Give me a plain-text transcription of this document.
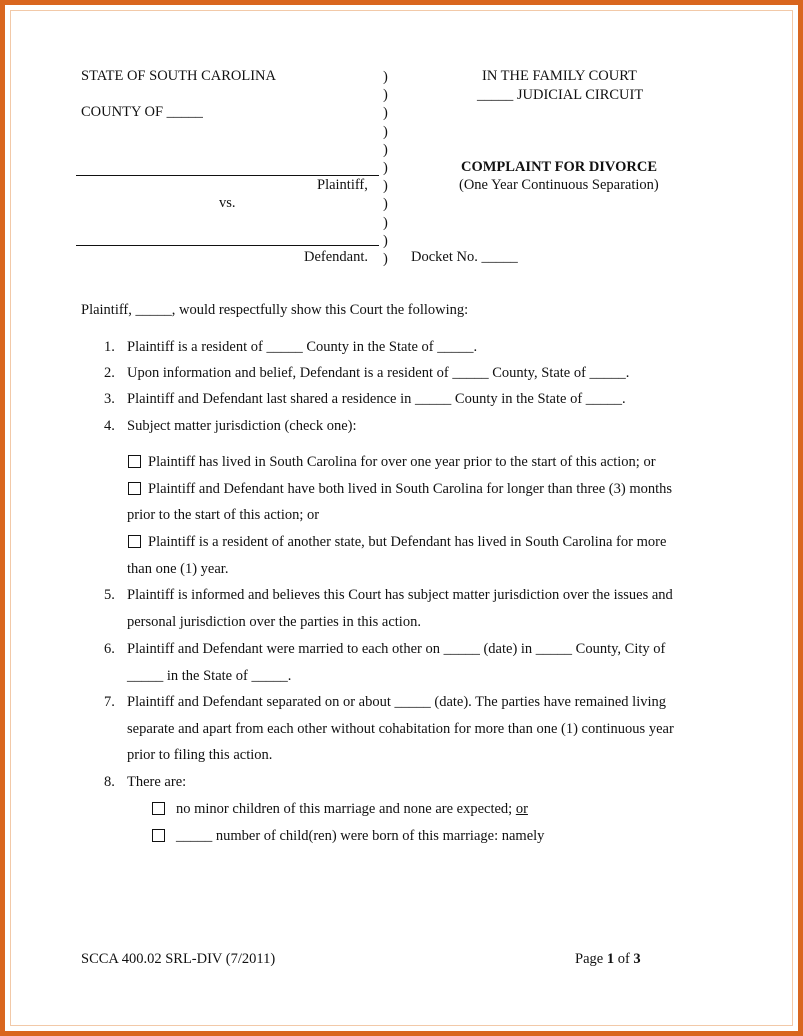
STATE OF SOUTH CAROLINA
COUNTY OF _____
Plaintiff,
vs.
Defendant.
)
)
)
)
)
)
)
)
)
)
)
IN THE FAMILY COURT
_____ JUDICIAL CIRCUIT
COMPLAINT FOR DIVORCE
(One Year Continuous Separation)
Docket No. _____
Plaintiff, _____, would respectfully show this Court the following:
1. Plaintiff is a resident of _____ County in the State of _____.
2. Upon information and belief, Defendant is a resident of _____ County, State of _____.
3. Plaintiff and Defendant last shared a residence in _____ County in the State of _____.
4. Subject matter jurisdiction (check one):
Plaintiff has lived in South Carolina for over one year prior to the start of this action; or
Plaintiff and Defendant have both lived in South Carolina for longer than three (3) months
prior to the start of this action; or
Plaintiff is a resident of another state, but Defendant has lived in South Carolina for more
than one (1) year.
5. Plaintiff is informed and believes this Court has subject matter jurisdiction over the issues and
personal jurisdiction over the parties in this action.
6. Plaintiff and Defendant were married to each other on _____ (date) in _____ County, City of
_____ in the State of _____.
7. Plaintiff and Defendant separated on or about _____ (date). The parties have remained living
separate and apart from each other without cohabitation for more than one (1) continuous year
prior to filing this action.
8. There are:
no minor children of this marriage and none are expected; or
_____ number of child(ren) were born of this marriage: namely
SCCA 400.02 SRL-DIV (7/2011)	Page 1 of 3
